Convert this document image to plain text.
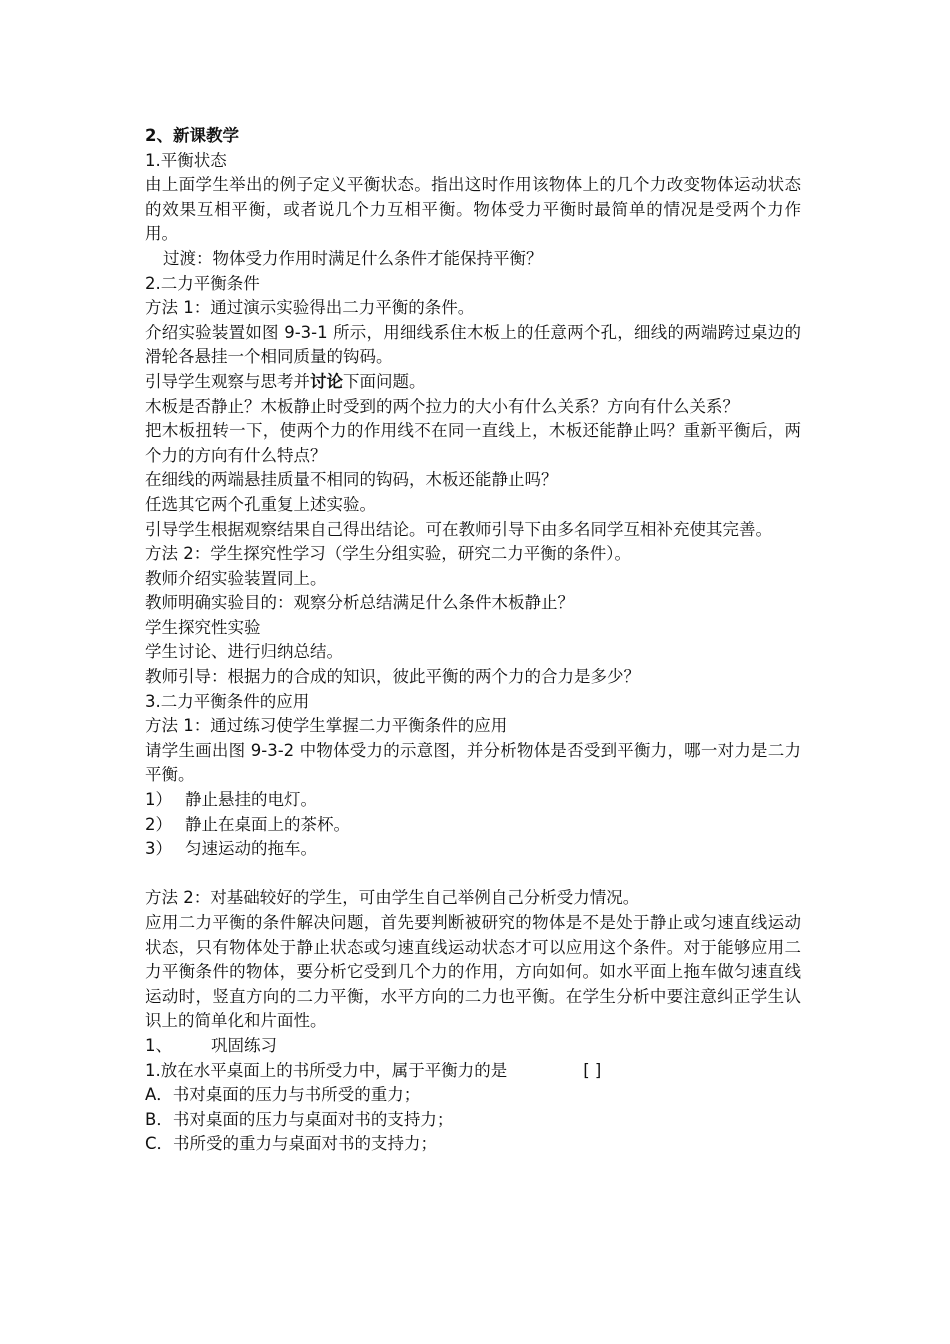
2、新课教学
1.平衡状态
由上面学生举出的例子定义平衡状态。指出这时作用该物体上的几个力改变物体运动状态的效果互相平衡，或者说几个力互相平衡。物体受力平衡时最简单的情况是受两个力作用。
过渡：物体受力作用时满足什么条件才能保持平衡？
2.二力平衡条件
方法 1：通过演示实验得出二力平衡的条件。
介绍实验装置如图 9-3-1 所示，用细线系住木板上的任意两个孔，细线的两端跨过桌边的滑轮各悬挂一个相同质量的钩码。
引导学生观察与思考并讨论下面问题。
木板是否静止？木板静止时受到的两个拉力的大小有什么关系？方向有什么关系？
把木板扭转一下，使两个力的作用线不在同一直线上，木板还能静止吗？重新平衡后，两个力的方向有什么特点？
在细线的两端悬挂质量不相同的钩码，木板还能静止吗？
任选其它两个孔重复上述实验。
引导学生根据观察结果自己得出结论。可在教师引导下由多名同学互相补充使其完善。
方法 2：学生探究性学习（学生分组实验，研究二力平衡的条件）。
教师介绍实验装置同上。
教师明确实验目的：观察分析总结满足什么条件木板静止？
学生探究性实验
学生讨论、进行归纳总结。
教师引导：根据力的合成的知识，彼此平衡的两个力的合力是多少？
3.二力平衡条件的应用
方法 1：通过练习使学生掌握二力平衡条件的应用
请学生画出图 9-3-2 中物体受力的示意图，并分析物体是否受到平衡力，哪一对力是二力平衡。
1） 静止悬挂的电灯。
2） 静止在桌面上的茶杯。
3） 匀速运动的拖车。
方法 2：对基础较好的学生，可由学生自己举例自己分析受力情况。
应用二力平衡的条件解决问题，首先要判断被研究的物体是不是处于静止或匀速直线运动状态，只有物体处于静止状态或匀速直线运动状态才可以应用这个条件。对于能够应用二力平衡条件的物体，要分析它受到几个力的作用，方向如何。如水平面上拖车做匀速直线运动时，竖直方向的二力平衡，水平方向的二力也平衡。在学生分析中要注意纠正学生认识上的简单化和片面性。
1、 巩固练习
1.放在水平桌面上的书所受力中，属于平衡力的是	[ ]
A．书对桌面的压力与书所受的重力；
B．书对桌面的压力与桌面对书的支持力；
C．书所受的重力与桌面对书的支持力；
